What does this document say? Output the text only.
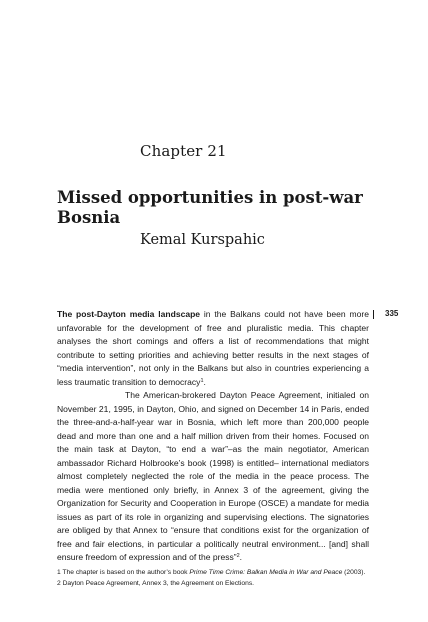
Chapter 21
Missed opportunities in post-war Bosnia
Kemal Kurspahic
335

The post-Dayton media landscape in the Balkans could not have been more unfavorable for the development of free and pluralistic media. This chapter analyses the short comings and offers a list of recommendations that might contribute to setting priorities and achieving better results in the next stages of “media intervention”, not only in the Balkans but also in countries experiencing a less traumatic transition to democracy$^1$.

The American-brokered Dayton Peace Agreement, initialed on November 21, 1995, in Dayton, Ohio, and signed on December 14 in Paris, ended the three-and-a-half-year war in Bosnia, which left more than 200,000 people dead and more than one and a half million driven from their homes. Focused on the main task at Dayton, “to end a war”–as the main negotiator, American ambassador Richard Holbrooke’s book (1998) is entitled– international mediators almost completely neglected the role of the media in the peace process. The media were mentioned only briefly, in Annex 3 of the agreement, giving the Organization for Security and Cooperation in Europe (OSCE) a mandate for media issues as part of its role in organizing and supervising elections. The signatories are obliged by that Annex to “ensure that conditions exist for the organization of free and fair elections, in particular a politically neutral environment... [and] shall ensure freedom of expression and of the press”$^2$.

1 The chapter is based on the author’s book Prime Time Crime: Balkan Media in War and Peace (2003).
2 Dayton Peace Agreement, Annex 3, the Agreement on Elections.
